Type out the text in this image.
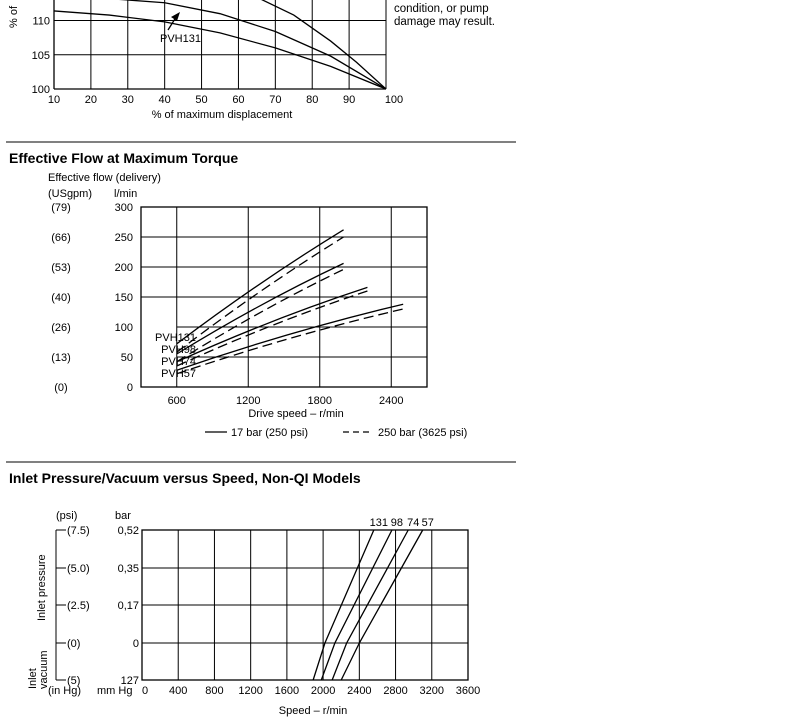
% of
100
105
110
10 20 30 40 50 60 70 80 90	100
% of maximum displacement
PVH131
condition, or pump
damage may result.
Effective Flow at Maximum Torque
Effective flow (delivery)
(USgpm) l/min
0
(0)
50
(13)
100
(26)
150
(40)
200
(53)
250
(66)
300
(79)
600	1200	1800	2400
PVH131
PVH98
PVH74
PVH57
Drive speed – r/min
17 bar (250 psi)	250 bar (3625 psi)
Inlet Pressure/Vacuum versus Speed, Non-QI Models
(psi)	bar
Inlet pressure
Inlet vacuum
0,52
(7.5)
0,35
(5.0)
0,17
(2.5)
0
(0)
127
(5)
0 400 800 1200 1600 2000 2400 2800 3200 3600
131 98 74 57
(in Hg) mm Hg
Speed – r/min
